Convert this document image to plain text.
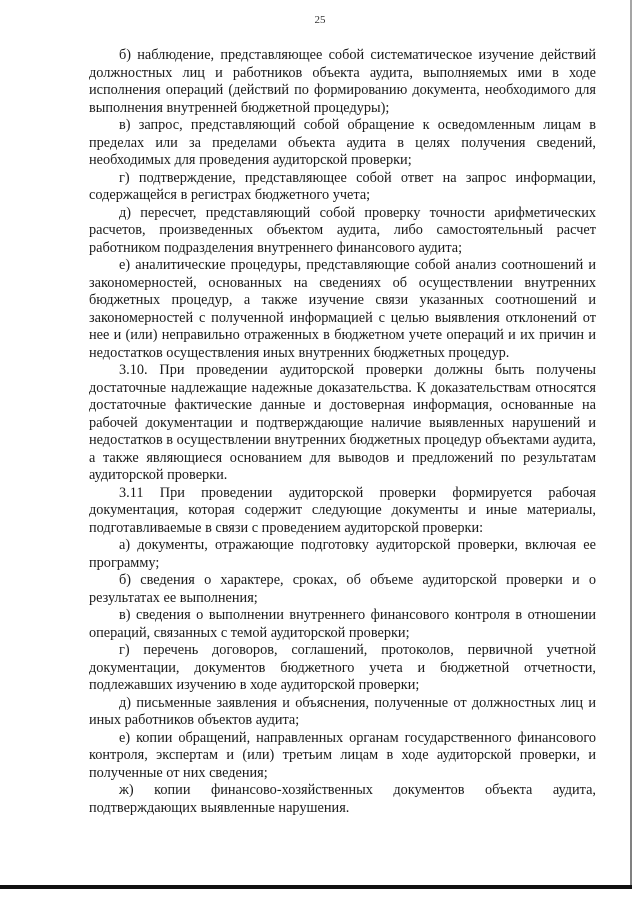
25

б) наблюдение, представляющее собой систематическое изучение действий должностных лиц и работников объекта аудита, выполняемых ими в ходе исполнения операций (действий по формированию документа, необходимого для выполнения внутренней бюджетной процедуры);

в) запрос, представляющий собой обращение к осведомленным лицам в пределах или за пределами объекта аудита в целях получения сведений, необходимых для проведения аудиторской проверки;

г) подтверждение, представляющее собой ответ на запрос информации, содержащейся в регистрах бюджетного учета;

д) пересчет, представляющий собой проверку точности арифметических расчетов, произведенных объектом аудита, либо самостоятельный расчет работником подразделения внутреннего финансового аудита;

е) аналитические процедуры, представляющие собой анализ соотношений и закономерностей, основанных на сведениях об осуществлении внутренних бюджетных процедур, а также изучение связи указанных соотношений и закономерностей с полученной информацией с целью выявления отклонений от нее и (или) неправильно отраженных в бюджетном учете операций и их причин и недостатков осуществления иных внутренних бюджетных процедур.

3.10. При проведении аудиторской проверки должны быть получены достаточные надлежащие надежные доказательства. К доказательствам относятся достаточные фактические данные и достоверная информация, основанные на рабочей документации и подтверждающие наличие выявленных нарушений и недостатков в осуществлении внутренних бюджетных процедур объектами аудита, а также являющиеся основанием для выводов и предложений по результатам аудиторской проверки.

3.11 При проведении аудиторской проверки формируется рабочая документация, которая содержит следующие документы и иные материалы, подготавливаемые в связи с проведением аудиторской проверки:

а) документы, отражающие подготовку аудиторской проверки, включая ее программу;

б) сведения о характере, сроках, об объеме аудиторской проверки и о результатах ее выполнения;

в) сведения о выполнении внутреннего финансового контроля в отношении операций, связанных с темой аудиторской проверки;

г) перечень договоров, соглашений, протоколов, первичной учетной документации, документов бюджетного учета и бюджетной отчетности, подлежавших изучению в ходе аудиторской проверки;

д) письменные заявления и объяснения, полученные от должностных лиц и иных работников объектов аудита;

е) копии обращений, направленных органам государственного финансового контроля, экспертам и (или) третьим лицам в ходе аудиторской проверки, и полученные от них сведения;

ж) копии финансово-хозяйственных документов объекта аудита, подтверждающих выявленные нарушения.
